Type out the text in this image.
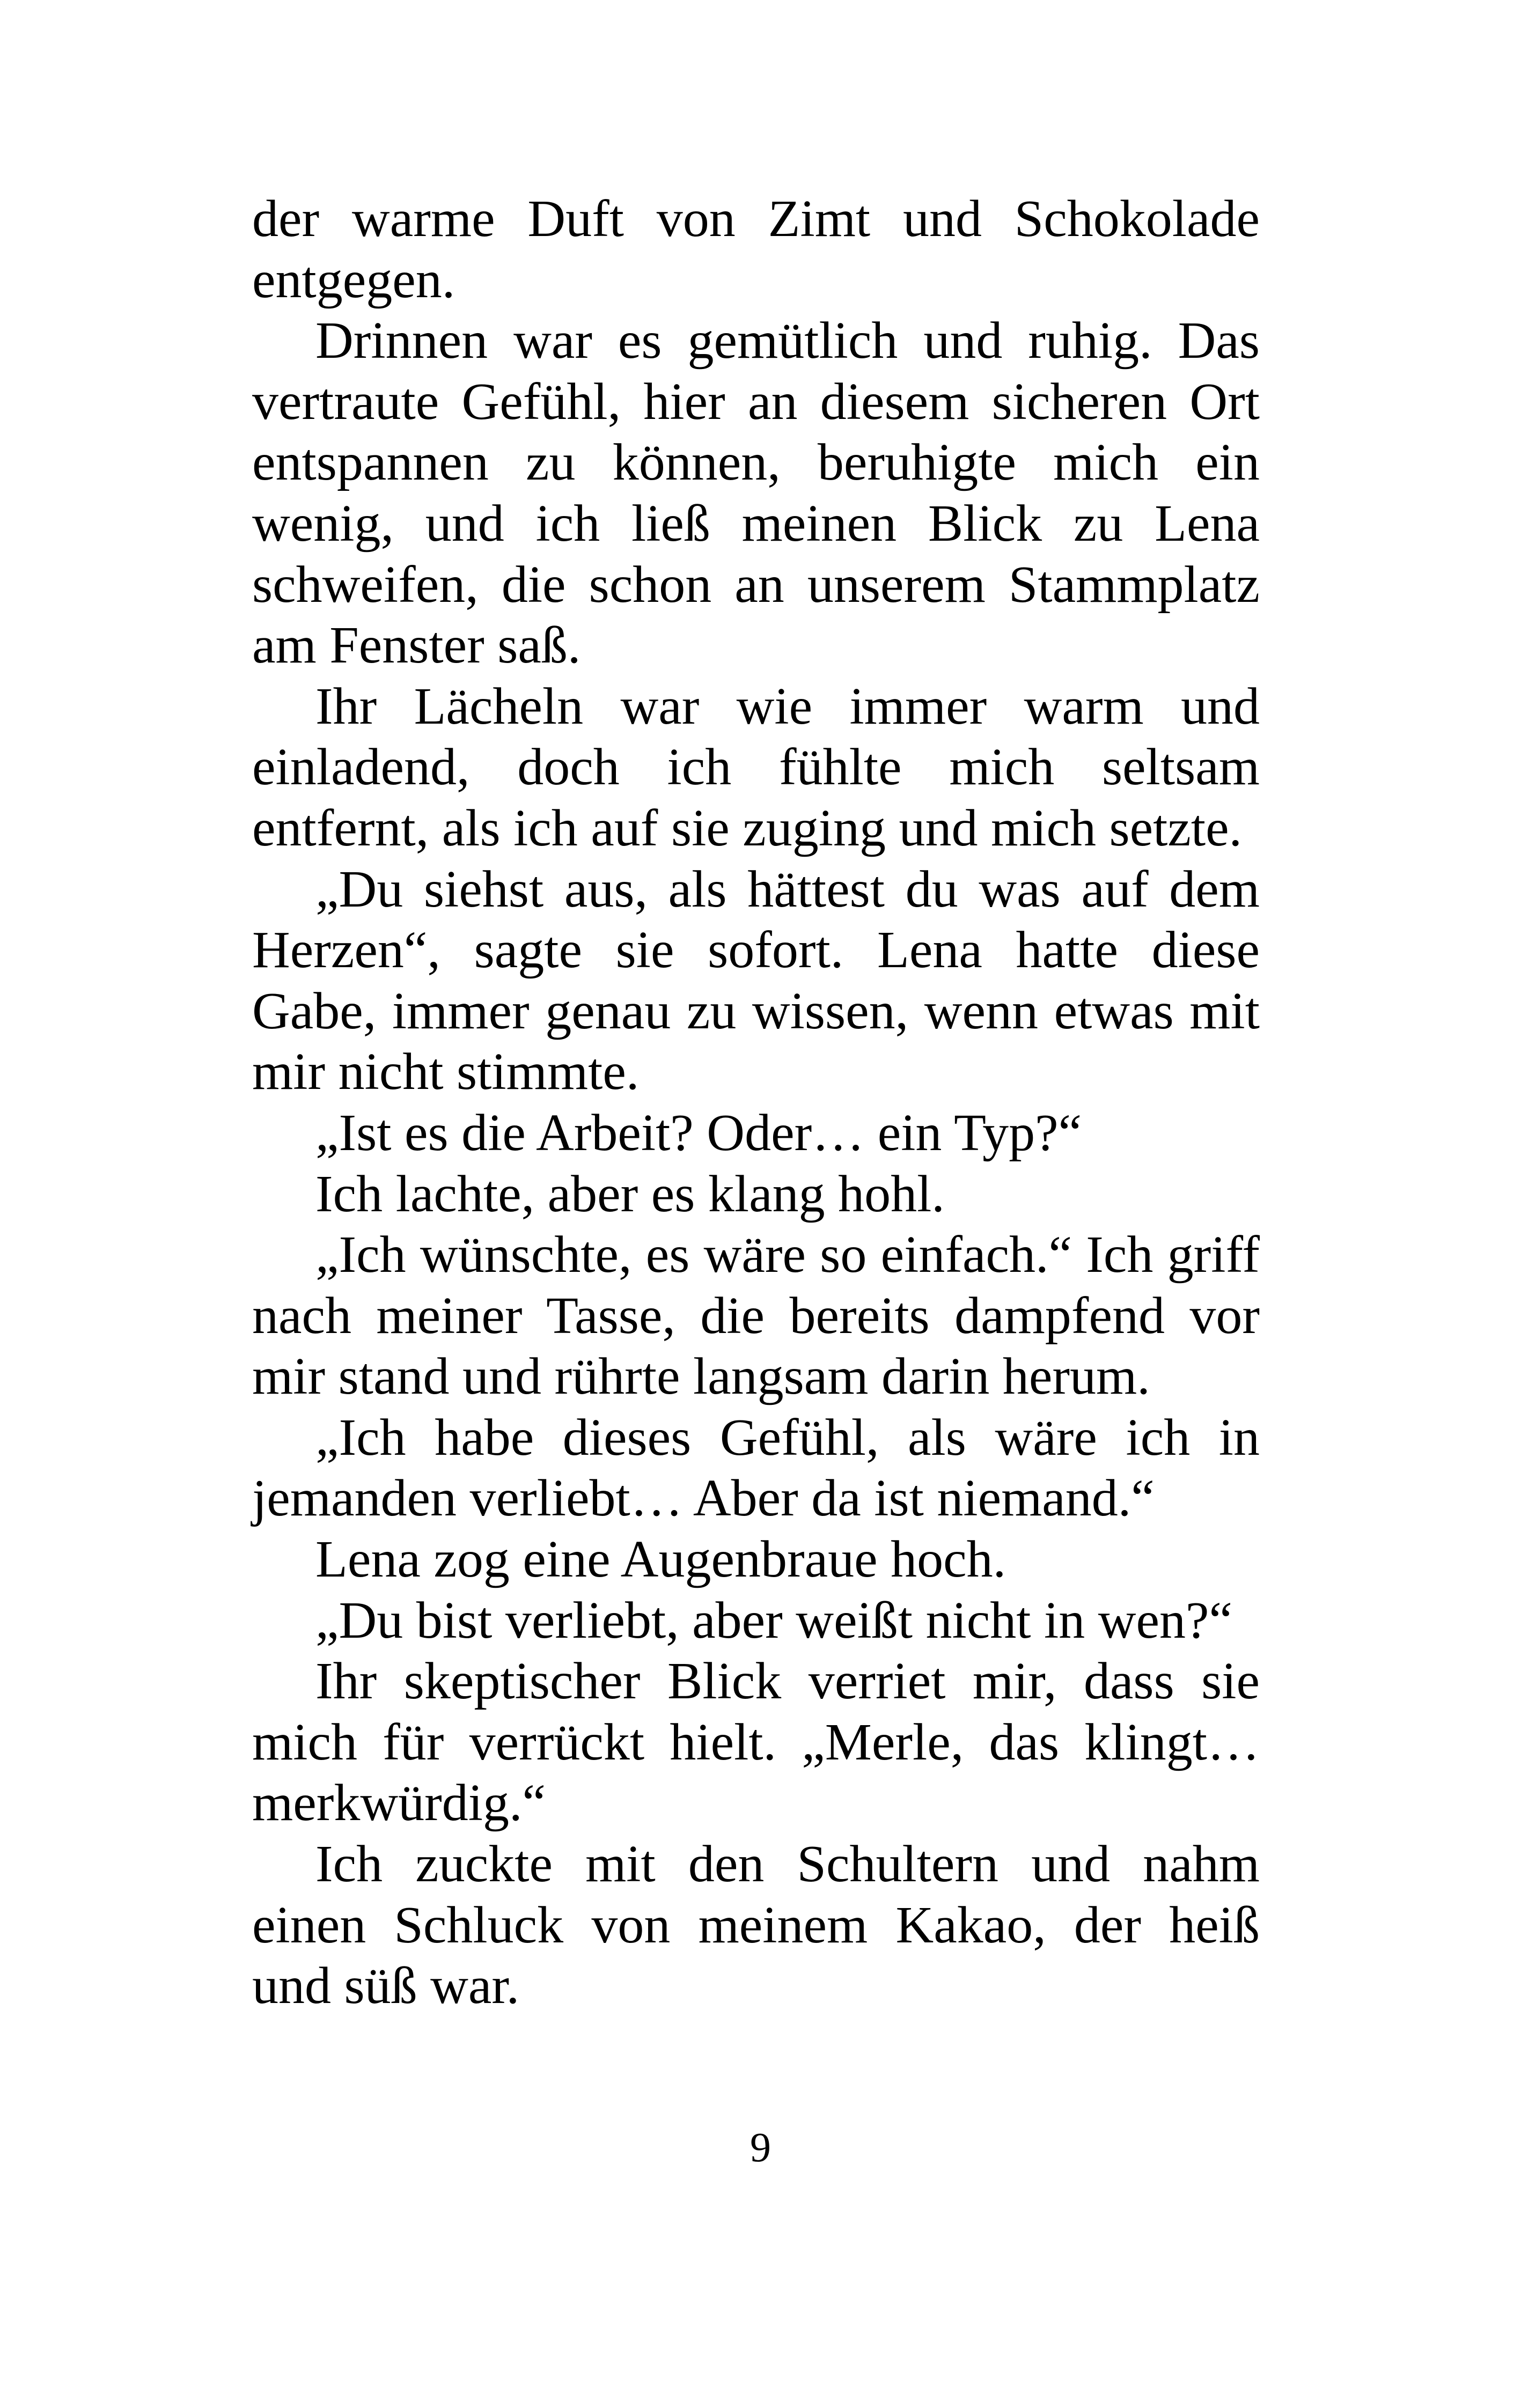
der warme Duft von Zimt und Schokolade entgegen.

Drinnen war es gemütlich und ruhig. Das vertraute Gefühl, hier an diesem sicheren Ort entspannen zu können, beruhigte mich ein wenig, und ich ließ meinen Blick zu Lena schweifen, die schon an unserem Stammplatz am Fenster saß.

Ihr Lächeln war wie immer warm und einladend, doch ich fühlte mich seltsam entfernt, als ich auf sie zuging und mich setzte.

„Du siehst aus, als hättest du was auf dem Herzen“, sagte sie sofort. Lena hatte diese Gabe, immer genau zu wissen, wenn etwas mit mir nicht stimmte.

„Ist es die Arbeit? Oder… ein Typ?“

Ich lachte, aber es klang hohl.

„Ich wünschte, es wäre so einfach.“ Ich griff nach meiner Tasse, die bereits dampfend vor mir stand und rührte langsam darin herum.

„Ich habe dieses Gefühl, als wäre ich in jemanden verliebt… Aber da ist niemand.“

Lena zog eine Augenbraue hoch.

„Du bist verliebt, aber weißt nicht in wen?“

Ihr skeptischer Blick verriet mir, dass sie mich für verrückt hielt. „Merle, das klingt… merkwürdig.“

Ich zuckte mit den Schultern und nahm einen Schluck von meinem Kakao, der heiß und süß war.

9
